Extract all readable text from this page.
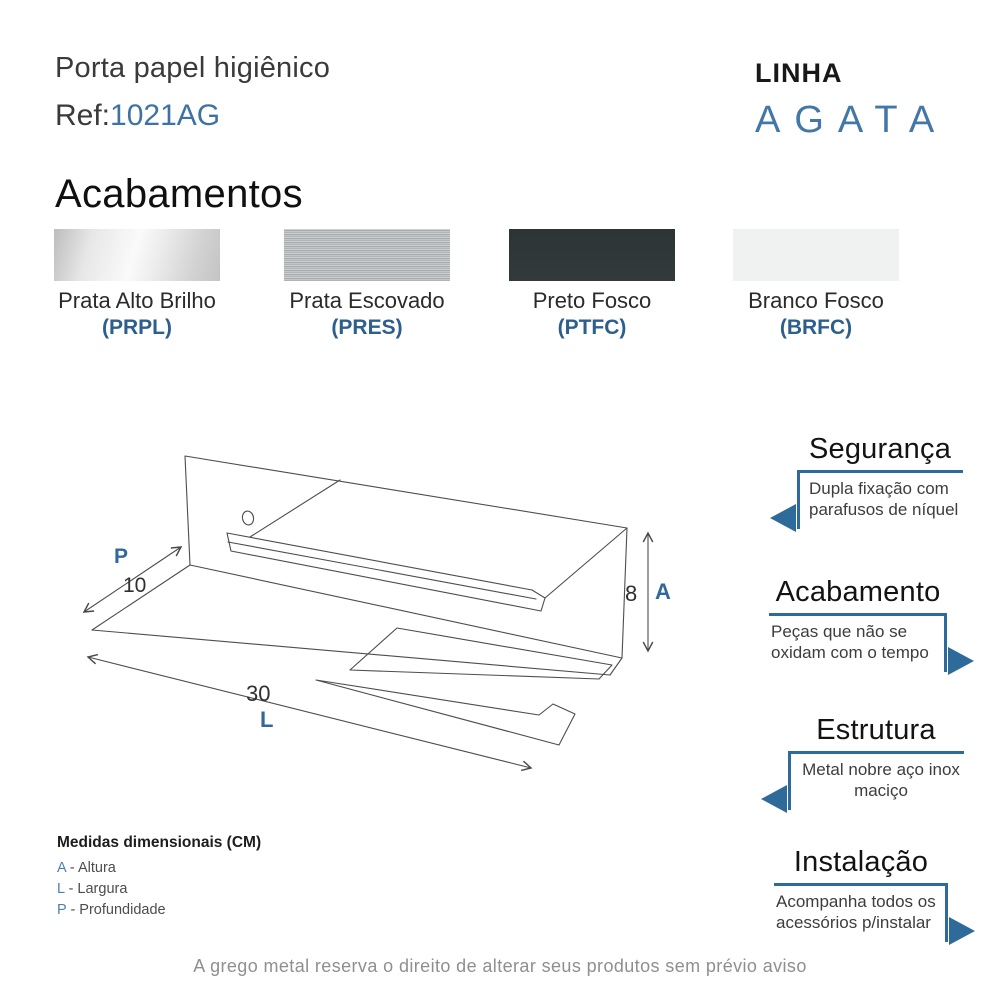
Porta papel higiênico
Ref:1021AG
LINHA
AGATA
Acabamentos
Prata Alto Brilho
(PRPL)
Prata Escovado
(PRES)
Preto Fosco
(PTFC)
Branco Fosco
(BRFC)
P
10
30
L
8 A
Segurança
Dupla fixação com parafusos de níquel
Acabamento
Peças que não se oxidam com o tempo
Estrutura
Metal nobre aço inox maciço
Instalação
Acompanha todos os acessórios p/instalar
Medidas dimensionais (CM)
A - Altura
L - Largura
P - Profundidade
A grego metal reserva o direito de alterar seus produtos sem prévio aviso
